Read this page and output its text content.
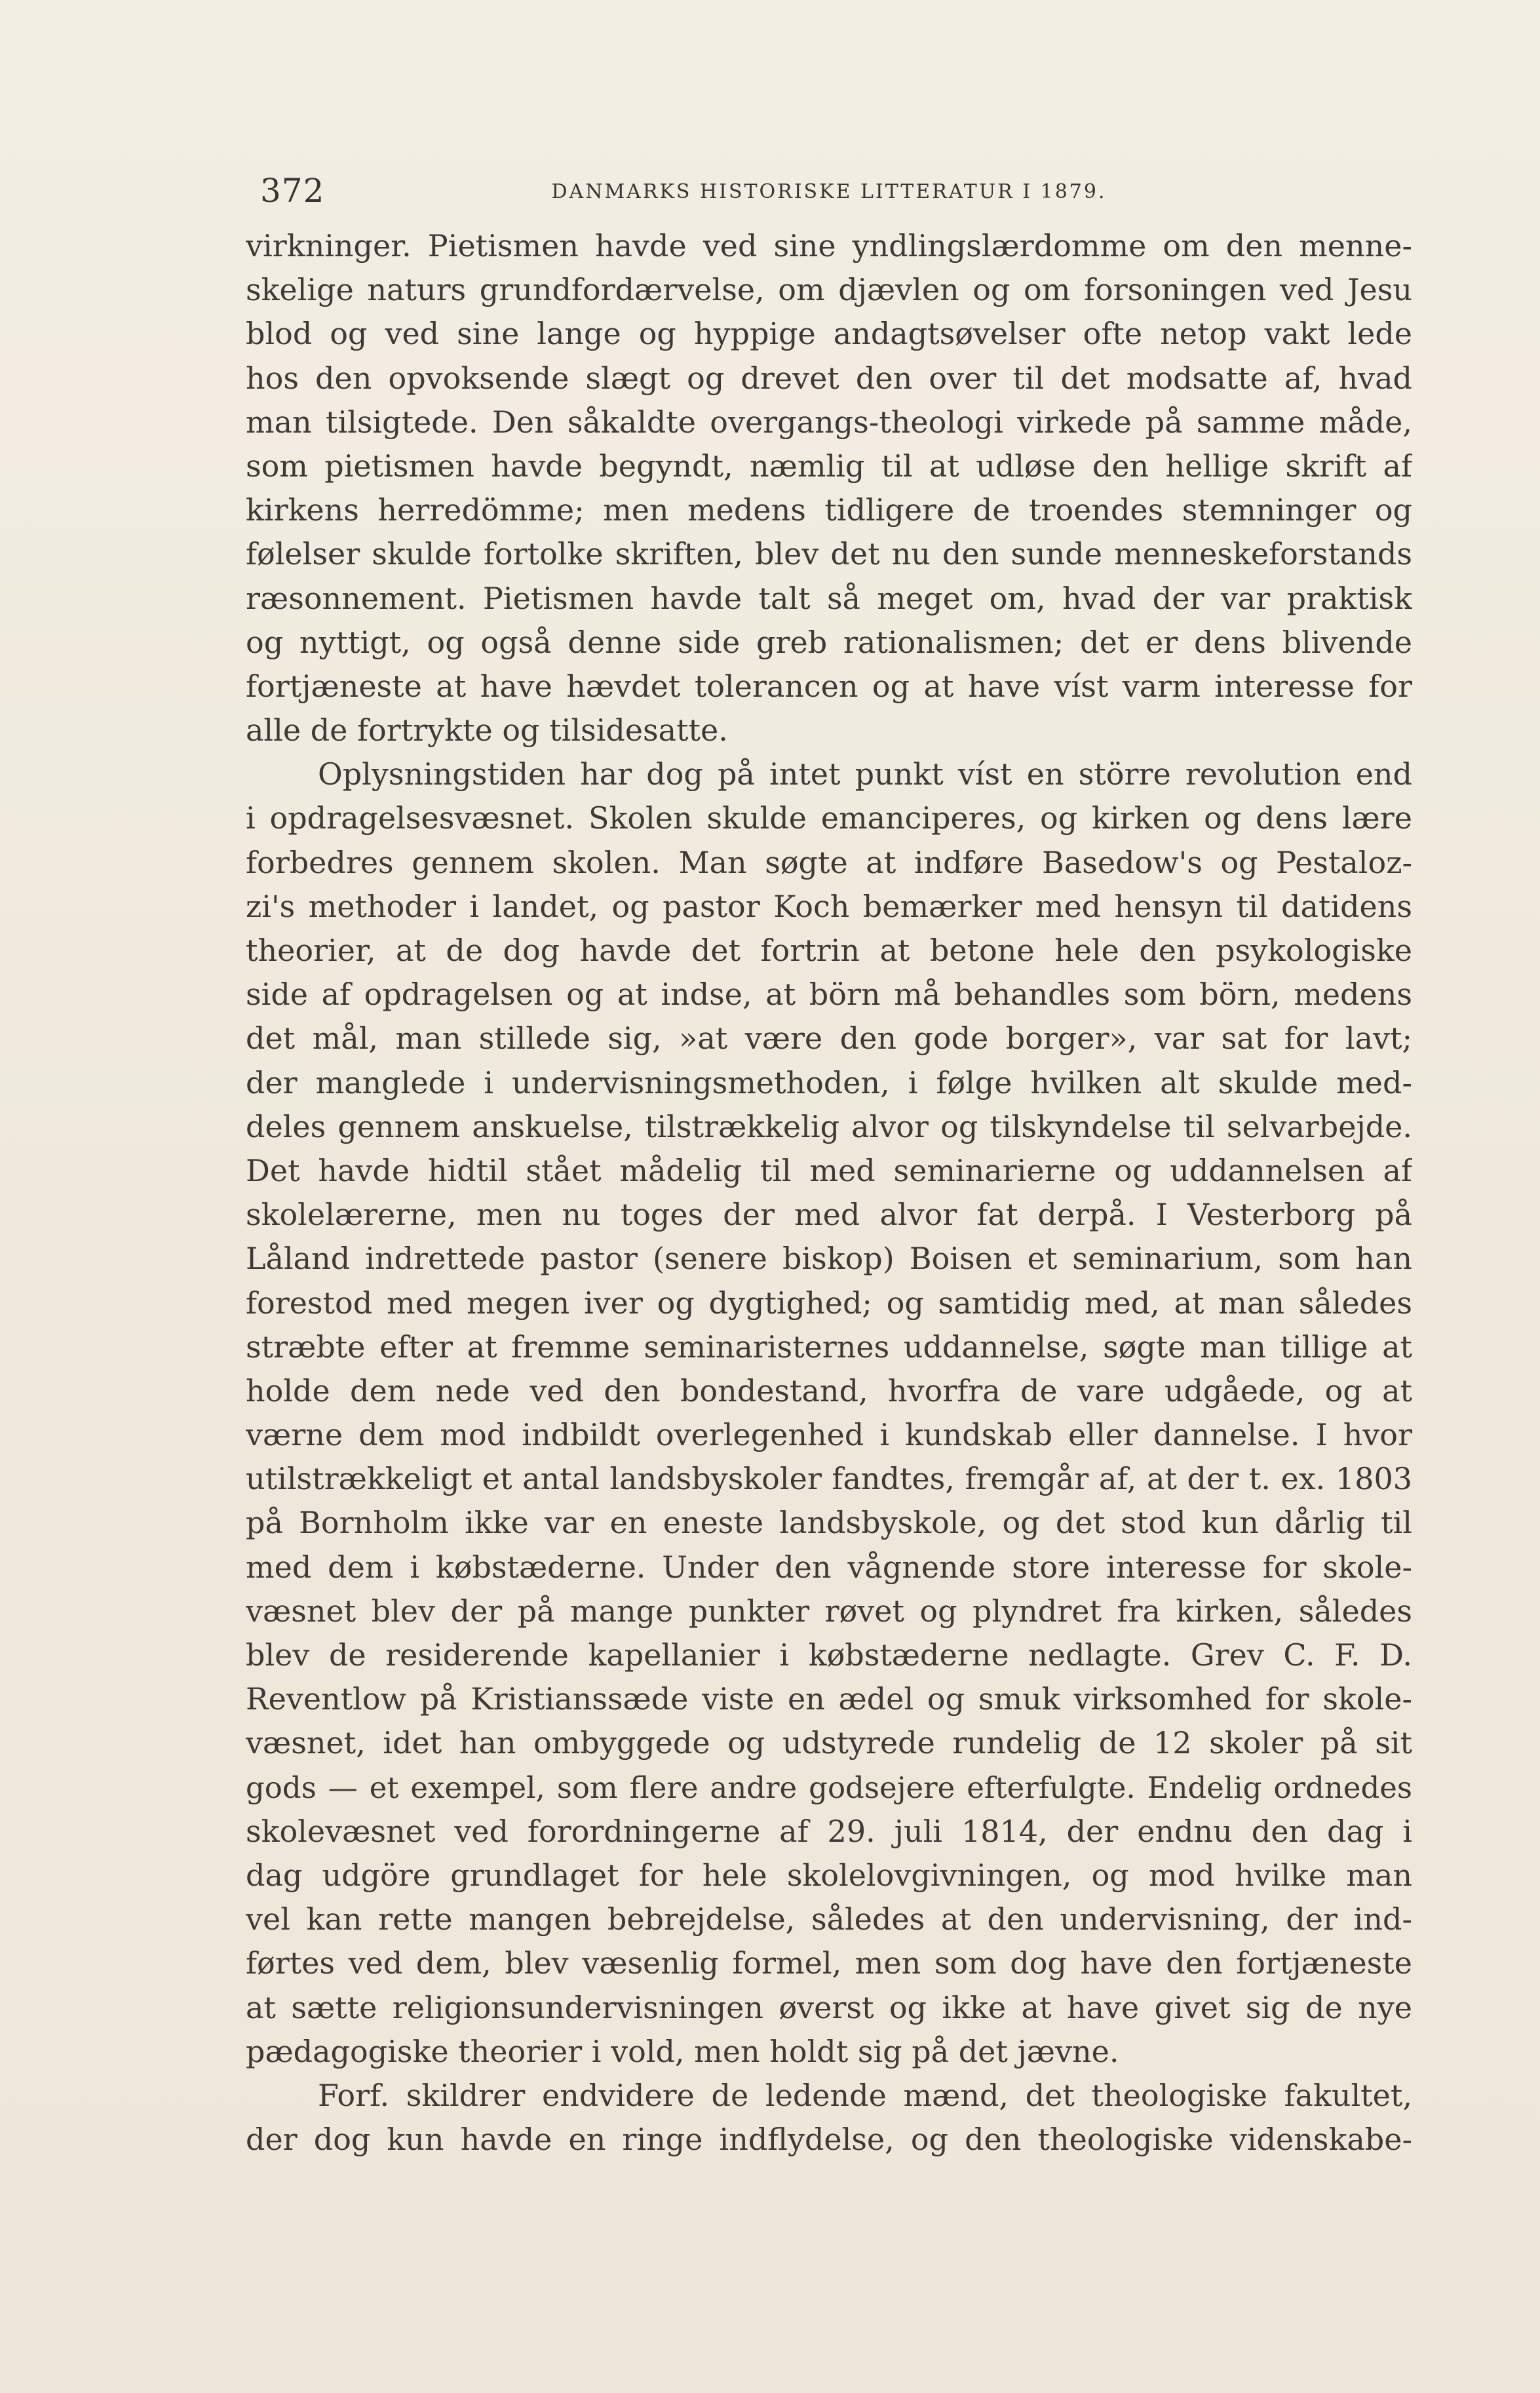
372	DANMARKS HISTORISKE LITTERATUR I 1879.
virkninger. Pietismen havde ved sine yndlingslærdomme om den menne-
skelige naturs grundfordærvelse, om djævlen og om forsoningen ved Jesu
blod og ved sine lange og hyppige andagtsøvelser ofte netop vakt lede
hos den opvoksende slægt og drevet den over til det modsatte af, hvad
man tilsigtede. Den såkaldte overgangs-theologi virkede på samme måde,
som pietismen havde begyndt, næmlig til at udløse den hellige skrift af
kirkens herredömme; men medens tidligere de troendes stemninger og
følelser skulde fortolke skriften, blev det nu den sunde menneskeforstands
ræsonnement. Pietismen havde talt så meget om, hvad der var praktisk
og nyttigt, og også denne side greb rationalismen; det er dens blivende
fortjæneste at have hævdet tolerancen og at have víst varm interesse for
alle de fortrykte og tilsidesatte.
Oplysningstiden har dog på intet punkt víst en större revolution end
i opdragelsesvæsnet. Skolen skulde emanciperes, og kirken og dens lære
forbedres gennem skolen. Man søgte at indføre Basedow's og Pestaloz-
zi's methoder i landet, og pastor Koch bemærker med hensyn til datidens
theorier, at de dog havde det fortrin at betone hele den psykologiske
side af opdragelsen og at indse, at börn må behandles som börn, medens
det mål, man stillede sig, »at være den gode borger», var sat for lavt;
der manglede i undervisningsmethoden, i følge hvilken alt skulde med-
deles gennem anskuelse, tilstrækkelig alvor og tilskyndelse til selvarbejde.
Det havde hidtil stået mådelig til med seminarierne og uddannelsen af
skolelærerne, men nu toges der med alvor fat derpå. I Vesterborg på
Låland indrettede pastor (senere biskop) Boisen et seminarium, som han
forestod med megen iver og dygtighed; og samtidig med, at man således
stræbte efter at fremme seminaristernes uddannelse, søgte man tillige at
holde dem nede ved den bondestand, hvorfra de vare udgåede, og at
værne dem mod indbildt overlegenhed i kundskab eller dannelse. I hvor
utilstrækkeligt et antal landsbyskoler fandtes, fremgår af, at der t. ex. 1803
på Bornholm ikke var en eneste landsbyskole, og det stod kun dårlig til
med dem i købstæderne. Under den vågnende store interesse for skole-
væsnet blev der på mange punkter røvet og plyndret fra kirken, således
blev de residerende kapellanier i købstæderne nedlagte. Grev C. F. D.
Reventlow på Kristianssæde viste en ædel og smuk virksomhed for skole-
væsnet, idet han ombyggede og udstyrede rundelig de 12 skoler på sit
gods — et exempel, som flere andre godsejere efterfulgte. Endelig ordnedes
skolevæsnet ved forordningerne af 29. juli 1814, der endnu den dag i
dag udgöre grundlaget for hele skolelovgivningen, og mod hvilke man
vel kan rette mangen bebrejdelse, således at den undervisning, der ind-
førtes ved dem, blev væsenlig formel, men som dog have den fortjæneste
at sætte religionsundervisningen øverst og ikke at have givet sig de nye
pædagogiske theorier i vold, men holdt sig på det jævne.
Forf. skildrer endvidere de ledende mænd, det theologiske fakultet,
der dog kun havde en ringe indflydelse, og den theologiske videnskabe-
